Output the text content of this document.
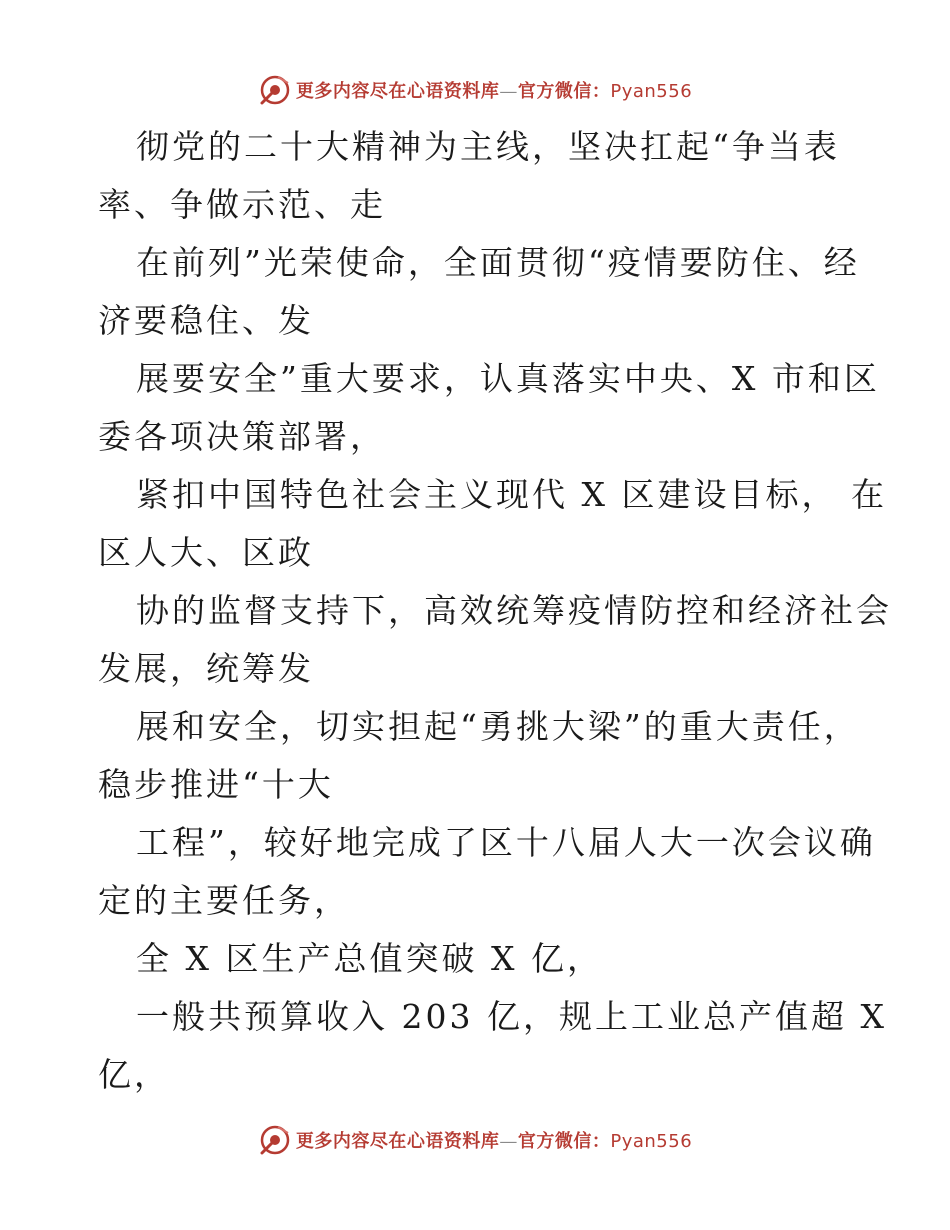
更多内容尽在心语资料库—官方微信：Pyan556
彻党的二十大精神为主线，坚决扛起“争当表
率、争做示范、走
在前列”光荣使命，全面贯彻“疫情要防住、经
济要稳住、发
展要安全”重大要求，认真落实中央、X 市和区
委各项决策部署，
紧扣中国特色社会主义现代 X 区建设目标， 在
区人大、区政
协的监督支持下，高效统筹疫情防控和经济社会
发展，统筹发
展和安全，切实担起“勇挑大梁”的重大责任，
稳步推进“十大
工程”，较好地完成了区十八届人大一次会议确
定的主要任务，
全 X 区生产总值突破 X 亿，
一般共预算收入 203 亿，规上工业总产值超 X
亿，
更多内容尽在心语资料库—官方微信：Pyan556
